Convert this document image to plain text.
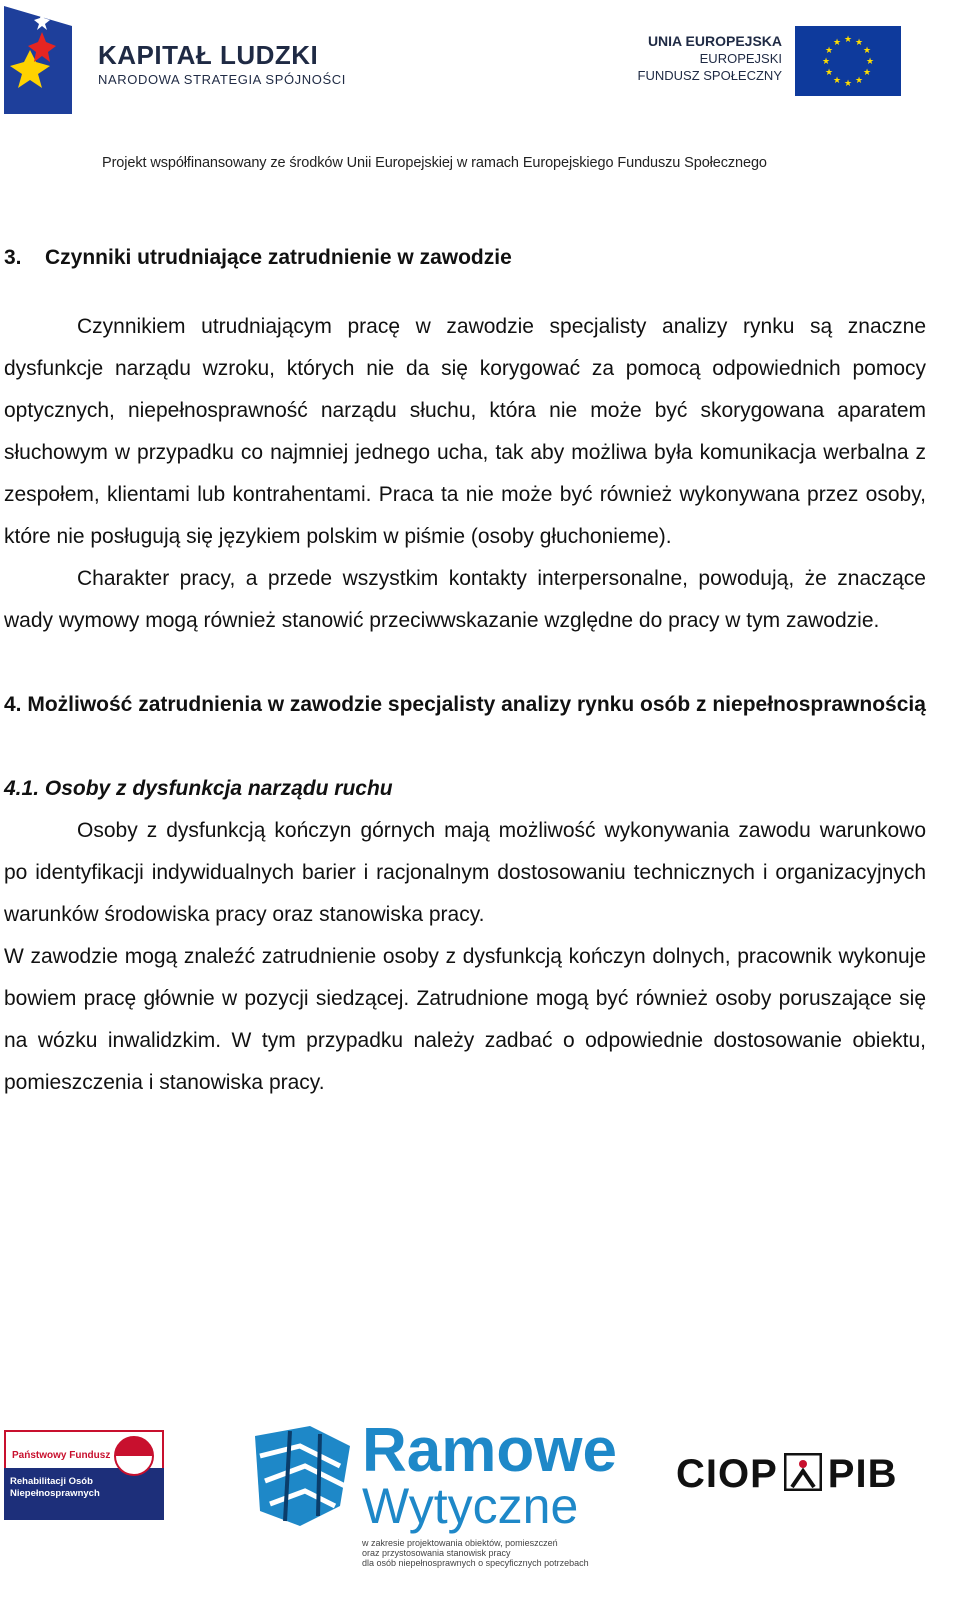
KAPITAŁ LUDZKI
NARODOWA STRATEGIA SPÓJNOŚCI
UNIA EUROPEJSKA
EUROPEJSKI
FUNDUSZ SPOŁECZNY
★ ★
★
★
★
★
★
★
★
★
★
★
Projekt współfinansowany ze środków Unii Europejskiej w ramach Europejskiego Funduszu Społecznego
3. Czynniki utrudniające zatrudnienie w zawodzie

Czynnikiem utrudniającym pracę w zawodzie specjalisty analizy rynku są znaczne dysfunkcje narządu wzroku, których nie da się korygować za pomocą odpowiednich pomocy optycznych, niepełnosprawność narządu słuchu, która nie może być skorygowana aparatem słuchowym w przypadku co najmniej jednego ucha, tak aby możliwa była komunikacja werbalna z zespołem, klientami lub kontrahentami. Praca ta nie może być również wykonywana przez osoby, które nie posługują się językiem polskim w piśmie (osoby głuchonieme).

Charakter pracy, a przede wszystkim kontakty interpersonalne, powodują, że znaczące wady wymowy mogą również stanowić przeciwwskazanie względne do pracy w tym zawodzie.

4. Możliwość zatrudnienia w zawodzie specjalisty analizy rynku osób z niepełnosprawnością

4.1. Osoby z dysfunkcja narządu ruchu

Osoby z dysfunkcją kończyn górnych mają możliwość wykonywania zawodu warunkowo po identyfikacji indywidualnych barier i racjonalnym dostosowaniu technicznych i organizacyjnych warunków środowiska pracy oraz stanowiska pracy.

W zawodzie mogą znaleźć zatrudnienie osoby z dysfunkcją kończyn dolnych, pracownik wykonuje bowiem pracę głównie w pozycji siedzącej. Zatrudnione mogą być również osoby poruszające się na wózku inwalidzkim. W tym przypadku należy zadbać o odpowiednie dostosowanie obiektu, pomieszczenia i stanowiska pracy.

Państwowy Fundusz
Rehabilitacji Osób
Niepełnosprawnych
Ramowe
Wytyczne
w zakresie projektowania obiektów, pomieszczeń
oraz przystosowania stanowisk pracy
dla osób niepełnosprawnych o specyficznych potrzebach
CIOP PIB
